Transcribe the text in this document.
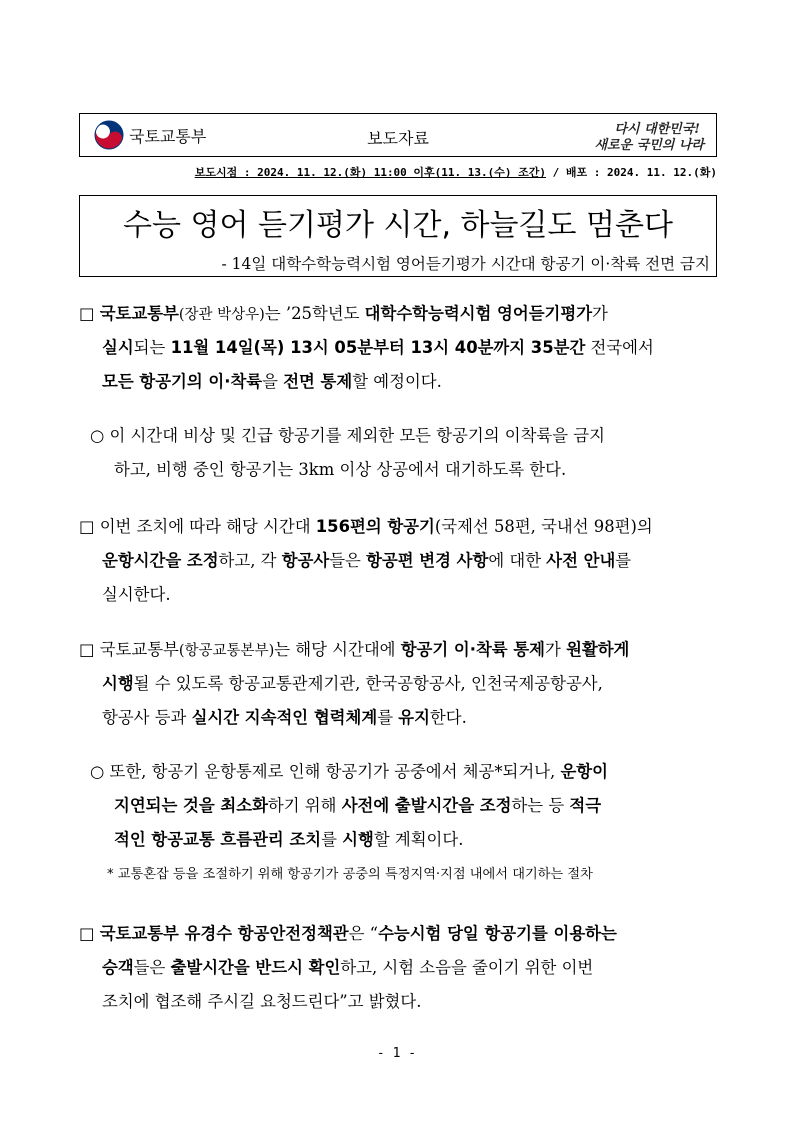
국토교통부	보도자료	다시 대한민국!
새로운 국민의 나라
보도시점 : 2024. 11. 12.(화) 11:00 이후(11. 13.(수) 조간) / 배포 : 2024. 11. 12.(화)
수능 영어 듣기평가 시간, 하늘길도 멈춘다
- 14일 대학수학능력시험 영어듣기평가 시간대 항공기 이·착륙 전면 금지
□ 국토교통부(장관 박상우)는 ’25학년도 대학수학능력시험 영어듣기평가가
실시되는 11월 14일(목) 13시 05분부터 13시 40분까지 35분간 전국에서
모든 항공기의 이·착륙을 전면 통제할 예정이다.
○ 이 시간대 비상 및 긴급 항공기를 제외한 모든 항공기의 이착륙을 금지
하고, 비행 중인 항공기는 3km 이상 상공에서 대기하도록 한다.
□ 이번 조치에 따라 해당 시간대 156편의 항공기(국제선 58편, 국내선 98편)의
운항시간을 조정하고, 각 항공사들은 항공편 변경 사항에 대한 사전 안내를
실시한다.
□ 국토교통부(항공교통본부)는 해당 시간대에 항공기 이·착륙 통제가 원활하게
시행될 수 있도록 항공교통관제기관, 한국공항공사, 인천국제공항공사,
항공사 등과 실시간 지속적인 협력체계를 유지한다.
○ 또한, 항공기 운항통제로 인해 항공기가 공중에서 체공*되거나, 운항이
지연되는 것을 최소화하기 위해 사전에 출발시간을 조정하는 등 적극
적인 항공교통 흐름관리 조치를 시행할 계획이다.
* 교통혼잡 등을 조절하기 위해 항공기가 공중의 특정지역·지점 내에서 대기하는 절차
□ 국토교통부 유경수 항공안전정책관은 “수능시험 당일 항공기를 이용하는
승객들은 출발시간을 반드시 확인하고, 시험 소음을 줄이기 위한 이번
조치에 협조해 주시길 요청드린다”고 밝혔다.
- 1 -
